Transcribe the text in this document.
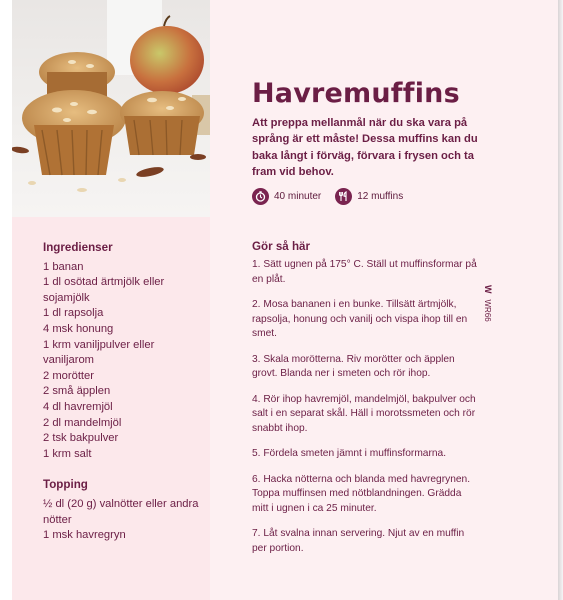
Havremuffins
Att preppa mellanmål när du ska vara på språng är ett måste! Dessa muffins kan du baka långt i förväg, förvara i frysen och ta fram vid behov.
40 minuter	12 muffins
Ingredienser
1 banan
1 dl osötad ärtmjölk eller sojamjölk
1 dl rapsolja
4 msk honung
1 krm vaniljpulver eller vaniljarom
2 morötter
2 små äpplen
4 dl havremjöl
2 dl mandelmjöl
2 tsk bakpulver
1 krm salt
Topping
½ dl (20 g) valnötter eller andra nötter
1 msk havregryn
Gör så här
1. Sätt ugnen på 175° C. Ställ ut muffinsformar på en plåt.
2. Mosa bananen i en bunke. Tillsätt ärtmjölk, rapsolja, honung och vanilj och vispa ihop till en smet.
3. Skala morötterna. Riv morötter och äpplen grovt. Blanda ner i smeten och rör ihop.
4. Rör ihop havremjöl, mandelmjöl, bakpulver och salt i en separat skål. Häll i morotssmeten och rör snabbt ihop.
5. Fördela smeten jämnt i muffinsformarna.
6. Hacka nötterna och blanda med havregrynen. Toppa muffinsen med nötblandningen. Grädda mitt i ugnen i ca 25 minuter.
7. Låt svalna innan servering. Njut av en muffin per portion.
W
WR66
